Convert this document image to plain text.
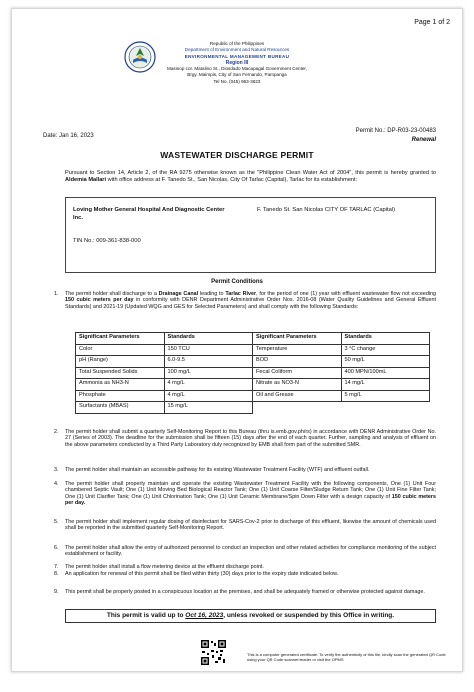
Page 1 of 2
Republic of the Philippines
Department of Environment and Natural Resources
ENVIRONMENTAL MANAGEMENT BUREAU
Region III
Masinop cor. Matalino St., Diosdado Macapagal Government Center,
Brgy. Maimpis, City of San Fernando, Pampanga
Tel No. (045) 963-3623
Permit No.: DP-R03-23-00483
Renewal
Date: Jan 16, 2023
WASTEWATER DISCHARGE PERMIT
Pursuant to Section 14, Article 2, of the RA 9275 otherwise known as the "Philippine Clean Water Act of 2004", this permit is hereby granted to Aldemia Mallari with office address at F. Tanedo St., San Nicolas, City Of Tarlac (Capital), Tarlac for its establishment:
Loving Mother General Hospital And Diagnostic Center Inc.
F. Tanedo St. San Nicolas CITY OF TARLAC (Capital)
TIN No.: 009-361-838-000
Permit Conditions
1. The permit holder shall discharge to a Drainage Canal leading to Tarlac River, for the period of one (1) year with effluent wastewater flow not exceeding 150 cubic meters per day in conformity with DENR Department Administrative Order Nos. 2016-08 (Water Quality Guidelines and General Effluent Standards) and 2021-19 (Updated WQG and GES for Selected Parameters) and shall comply with the following Standards:
Significant Parameters	Standards	Significant Parameters	Standards
Color	150 TCU	Temperature	3 °C change
pH (Range)	6.0-9.5	BOD	50 mg/L
Total Suspended Solids	100 mg/L	Fecal Coliform	400 MPN/100mL
Ammonia as NH3-N	4 mg/L	Nitrate as NO3-N	14 mg/L
Phosphate	4 mg/L	Oil and Grease	5 mg/L
Surfactants (MBAS)	15 mg/L		
2. The permit holder shall submit a quarterly Self-Monitoring Report to this Bureau (thru is.emb.gov.ph/rs) in accordance with DENR Administrative Order No. 27 (Series of 2003). The deadline for the submission shall be fifteen (15) days after the end of each quarter. Further, sampling and analysis of effluent on the above parameters conducted by a Third Party Laboratory duly recognized by EMB shall form part of the submitted SMR.
3. The permit holder shall maintain an accessible pathway for its existing Wastewater Treatment Facility (WTF) and effluent outfall.
4. The permit holder shall properly maintain and operate the existing Wastewater Treatment Facility with the following components, One (1) Unit Four chambered Septic Vault; One (1) Unit Moving Bed Biological Reactor Tank; One (1) Unit Coarse Filter/Sludge Return Tank; One (1) Unit Fine Filter Tank; One (1) Unit Clarifier Tank; One (1) Unit Chlorination Tank; One (1) Unit Ceramic Membrane/Spin Down Filter with a design capacity of 150 cubic meters per day.
5. The permit holder shall implement regular dosing of disinfectant for SARS-Cov-2 prior to discharge of this effluent, likewise the amount of chemicals used shall be reported in the submitted quarterly Self-Monitoring Report.
6. The permit holder shall allow the entry of authorized personnel to conduct an inspection and other related activities for compliance monitoring of the subject establishment or facility.
7. The permit holder shall install a flow metering device at the effluent discharge point.
8. An application for renewal of this permit shall be filed within thirty (30) days prior to the expiry date indicated below.
9. This permit shall be properly posted in a conspicuous location at the premises, and shall be adequately framed or otherwise protected against damage.
This permit is valid up to Oct 16, 2023, unless revoked or suspended by this Office in writing.
This is a computer generated certificate. To verify the authenticity of this file, kindly scan the generated QR Code using your QR Code scanner/reader or visit the OPMS
